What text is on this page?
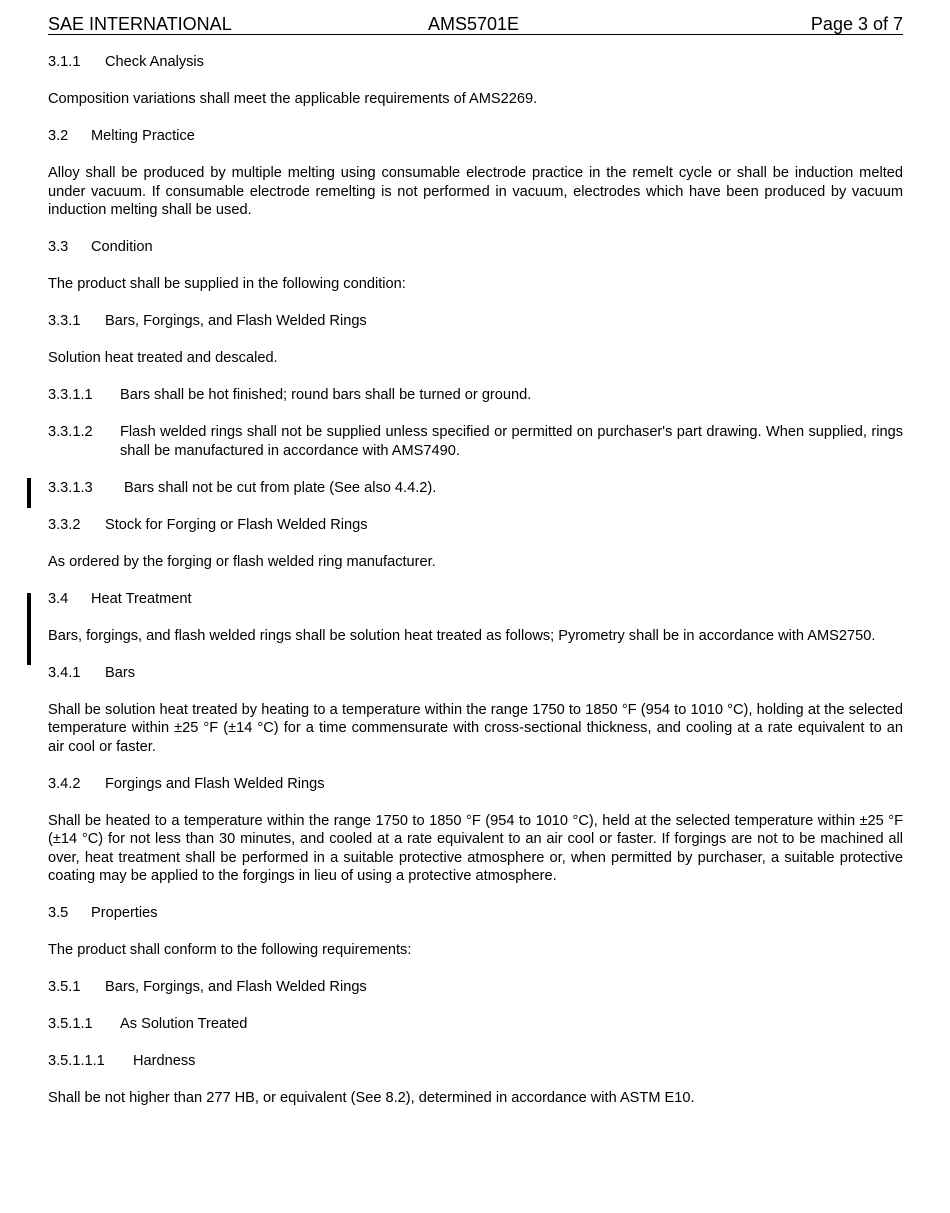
SAE INTERNATIONAL	AMS5701E	Page 3 of 7
3.1.1 Check Analysis
Composition variations shall meet the applicable requirements of AMS2269.
3.2 Melting Practice
Alloy shall be produced by multiple melting using consumable electrode practice in the remelt cycle or shall be induction melted under vacuum. If consumable electrode remelting is not performed in vacuum, electrodes which have been produced by vacuum induction melting shall be used.
3.3 Condition
The product shall be supplied in the following condition:
3.3.1 Bars, Forgings, and Flash Welded Rings
Solution heat treated and descaled.
3.3.1.1	Bars shall be hot finished; round bars shall be turned or ground.
3.3.1.2	Flash welded rings shall not be supplied unless specified or permitted on purchaser's part drawing. When supplied, rings shall be manufactured in accordance with AMS7490.
3.3.1.3	Bars shall not be cut from plate (See also 4.4.2).
3.3.2 Stock for Forging or Flash Welded Rings
As ordered by the forging or flash welded ring manufacturer.
3.4 Heat Treatment
Bars, forgings, and flash welded rings shall be solution heat treated as follows; Pyrometry shall be in accordance with AMS2750.
3.4.1 Bars
Shall be solution heat treated by heating to a temperature within the range 1750 to 1850 °F (954 to 1010 °C), holding at the selected temperature within ±25 °F (±14 °C) for a time commensurate with cross-sectional thickness, and cooling at a rate equivalent to an air cool or faster.
3.4.2 Forgings and Flash Welded Rings
Shall be heated to a temperature within the range 1750 to 1850 °F (954 to 1010 °C), held at the selected temperature within ±25 °F (±14 °C) for not less than 30 minutes, and cooled at a rate equivalent to an air cool or faster. If forgings are not to be machined all over, heat treatment shall be performed in a suitable protective atmosphere or, when permitted by purchaser, a suitable protective coating may be applied to the forgings in lieu of using a protective atmosphere.
3.5 Properties
The product shall conform to the following requirements:
3.5.1 Bars, Forgings, and Flash Welded Rings
3.5.1.1 As Solution Treated
3.5.1.1.1 Hardness
Shall be not higher than 277 HB, or equivalent (See 8.2), determined in accordance with ASTM E10.
